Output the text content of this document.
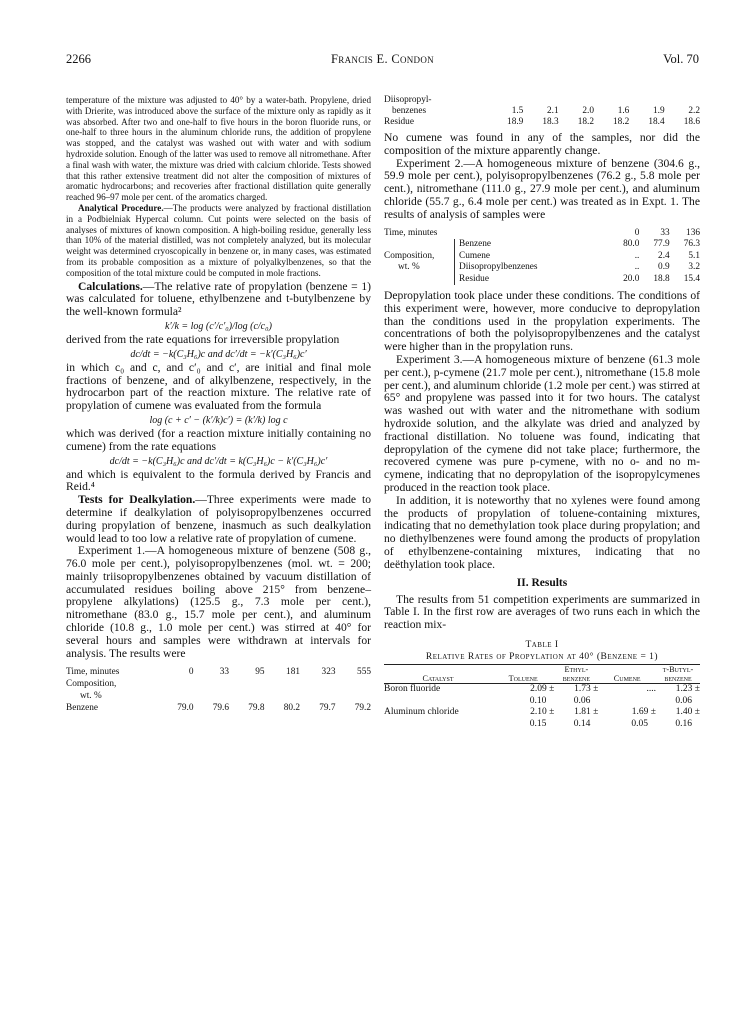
2266	Francis E. Condon	Vol. 70

temperature of the mixture was adjusted to 40° by a water-bath. Propylene, dried with Drierite, was introduced above the surface of the mixture only as rapidly as it was absorbed. After two and one-half to five hours in the boron fluoride runs, or one-half to three hours in the aluminum chloride runs, the addition of propylene was stopped, and the catalyst was washed out with water and with sodium hydroxide solution. Enough of the latter was used to remove all nitromethane. After a final wash with water, the mixture was dried with calcium chloride. Tests showed that this rather extensive treatment did not alter the composition of mixtures of aromatic hydrocarbons; and recoveries after fractional distillation quite generally reached 96–97 mole per cent. of the aromatics charged.

Analytical Procedure.—The products were analyzed by fractional distillation in a Podbielniak Hypercal column. Cut points were selected on the basis of analyses of mixtures of known composition. A high-boiling residue, generally less than 10% of the material distilled, was not completely analyzed, but its molecular weight was determined cryoscopically in benzene or, in many cases, was estimated from its probable composition as a mixture of polyalkylbenzenes, so that the composition of the total mixture could be computed in mole fractions.

Calculations.—The relative rate of propylation (benzene = 1) was calculated for toluene, ethylbenzene and t-butylbenzene by the well-known formula²

k′/k = log (c′/c′₀)/log (c/c₀)

derived from the rate equations for irreversible propylation

dc/dt = −k(C₃H₆)c and dc′/dt = −k′(C₃H₆)c′

in which c₀ and c, and c′₀ and c′, are initial and final mole fractions of benzene, and of alkylbenzene, respectively, in the hydrocarbon part of the reaction mixture. The relative rate of propylation of cumene was evaluated from the formula

log (c + c′ − (k′/k)c′) = (k′/k) log c

which was derived (for a reaction mixture initially containing no cumene) from the rate equations

dc/dt = −k(C₃H₆)c and dc′/dt = k(C₃H₆)c − k′(C₃H₆)c′

and which is equivalent to the formula derived by Francis and Reid.⁴

Tests for Dealkylation.—Three experiments were made to determine if dealkylation of polyisopropylbenzenes occurred during propylation of benzene, inasmuch as such dealkylation would lead to too low a relative rate of propylation of cumene.

Experiment 1.—A homogeneous mixture of benzene (508 g., 76.0 mole per cent.), polyisopropylbenzenes (mol. wt. = 200; mainly triisopropylbenzenes obtained by vacuum distillation of accumulated residues boiling above 215° from benzene–propylene alkylations) (125.5 g., 7.3 mole per cent.), nitromethane (83.0 g., 15.7 mole per cent.), and aluminum chloride (10.8 g., 1.0 mole per cent.) was stirred at 40° for several hours and samples were withdrawn at intervals for analysis. The results were

Time, minutes	0	33	95	181	323	555
Composition,						
wt. %						
Benzene	79.0	79.6	79.8	80.2	79.7	79.2
Diisopropyl-						
benzenes	1.5	2.1	2.0	1.6	1.9	2.2
Residue	18.9	18.3	18.2	18.2	18.4	18.6

No cumene was found in any of the samples, nor did the composition of the mixture apparently change.

Experiment 2.—A homogeneous mixture of benzene (304.6 g., 59.9 mole per cent.), polyisopropylbenzenes (76.2 g., 5.8 mole per cent.), nitromethane (111.0 g., 27.9 mole per cent.), and aluminum chloride (55.7 g., 6.4 mole per cent.) was treated as in Expt. 1. The results of analysis of samples were

Time, minutes		0	33	136
Composition,
wt. %	Benzene	80.0	77.9	76.3
	Cumene	..	2.4	5.1
	Diisopropylbenzenes	..	0.9	3.2
	Residue	20.0	18.8	15.4

Depropylation took place under these conditions. The conditions of this experiment were, however, more conducive to depropylation than the conditions used in the propylation experiments. The concentrations of both the polyisopropylbenzenes and the catalyst were higher than in the propylation runs.

Experiment 3.—A homogeneous mixture of benzene (61.3 mole per cent.), p-cymene (21.7 mole per cent.), nitromethane (15.8 mole per cent.), and aluminum chloride (1.2 mole per cent.) was stirred at 65° and propylene was passed into it for two hours. The catalyst was washed out with water and the nitromethane with sodium hydroxide solution, and the alkylate was dried and analyzed by fractional distillation. No toluene was found, indicating that depropylation of the cymene did not take place; furthermore, the recovered cymene was pure p-cymene, with no o- and no m-cymene, indicating that no depropylation of the isopropylcymenes produced in the reaction took place.

In addition, it is noteworthy that no xylenes were found among the products of propylation of toluene-containing mixtures, indicating that no demethylation took place during propylation; and no diethylbenzenes were found among the products of propylation of ethylbenzene-containing mixtures, indicating that no deëthylation took place.

II. Results

The results from 51 competition experiments are summarized in Table I. In the first row are averages of two runs each in which the reaction mix-

Table I
Relative Rates of Propylation at 40° (Benzene = 1)
Catalyst	Toluene	Ethyl-benzene	Cumene	t-Butyl-benzene
Boron fluoride	2.09 ±	1.73 ±	....	1.23 ±
	0.10	0.06		0.06
Aluminum chloride	2.10 ±	1.81 ±	1.69 ±	1.40 ±
	0.15	0.14	0.05	0.16
